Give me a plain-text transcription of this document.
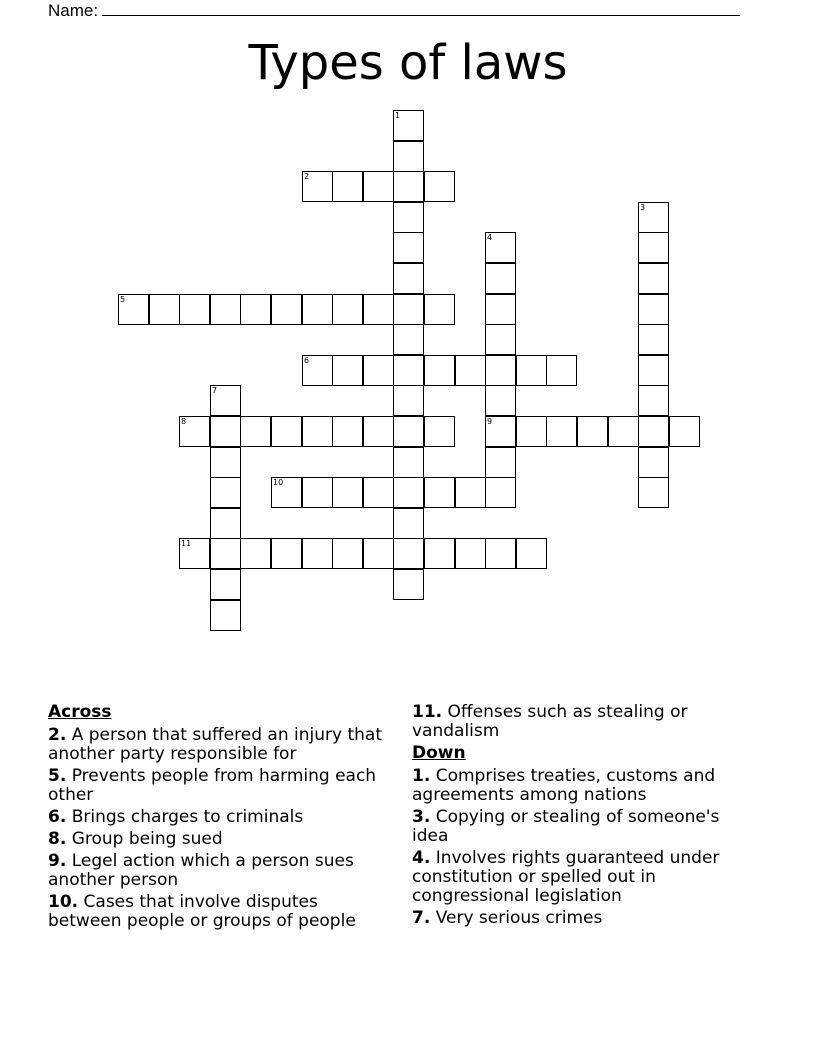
Name:
Types of laws
1
2
3
4
9
5
6
7
8
10
11
Across
2. A person that suffered an injury that another party responsible for
5. Prevents people from harming each other
6. Brings charges to criminals
8. Group being sued
9. Legel action which a person sues another person
10. Cases that involve disputes between people or groups of people
11. Offenses such as stealing or vandalism
Down
1. Comprises treaties, customs and agreements among nations
3. Copying or stealing of someone's idea
4. Involves rights guaranteed under constitution or spelled out in congressional legislation
7. Very serious crimes
